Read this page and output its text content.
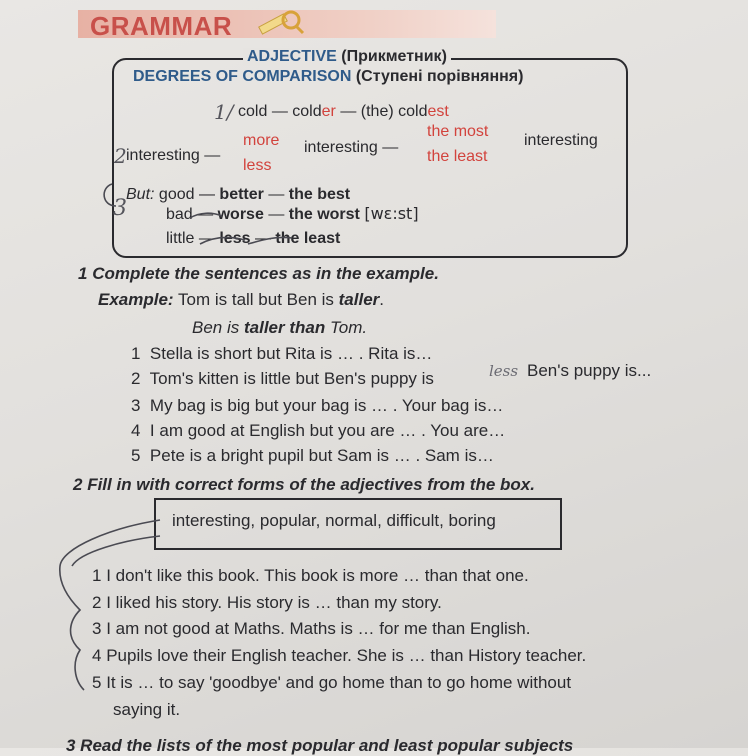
GRAMMAR
ADJECTIVE (Прикметник)
DEGREES OF COMPARISON (Ступені порівняння)
cold — colder — (the) coldest
interesting —
more
less
interesting —
the most
the least
interesting
But: good — better — the best
bad — worse — the worst [wɛ:st]
little — less — the least
1 Complete the sentences as in the example.
Example: Tom is tall but Ben is taller.
Ben is taller than Tom.
1 Stella is short but Rita is … . Rita is…
2 Tom's kitten is little but Ben's puppy is	Ben's puppy is...
3 My bag is big but your bag is … . Your bag is…
4 I am good at English but you are … . You are…
5 Pete is a bright pupil but Sam is … . Sam is…
2 Fill in with correct forms of the adjectives from the box.
interesting, popular, normal, difficult, boring
1 I don't like this book. This book is more … than that one.
2 I liked his story. His story is … than my story.
3 I am not good at Maths. Maths is … for me than English.
4 Pupils love their English teacher. She is … than History teacher.
5 It is … to say 'goodbye' and go home than to go home without
saying it.
3 Read the lists of the most popular and least popular subjects
1/
2
3
less
